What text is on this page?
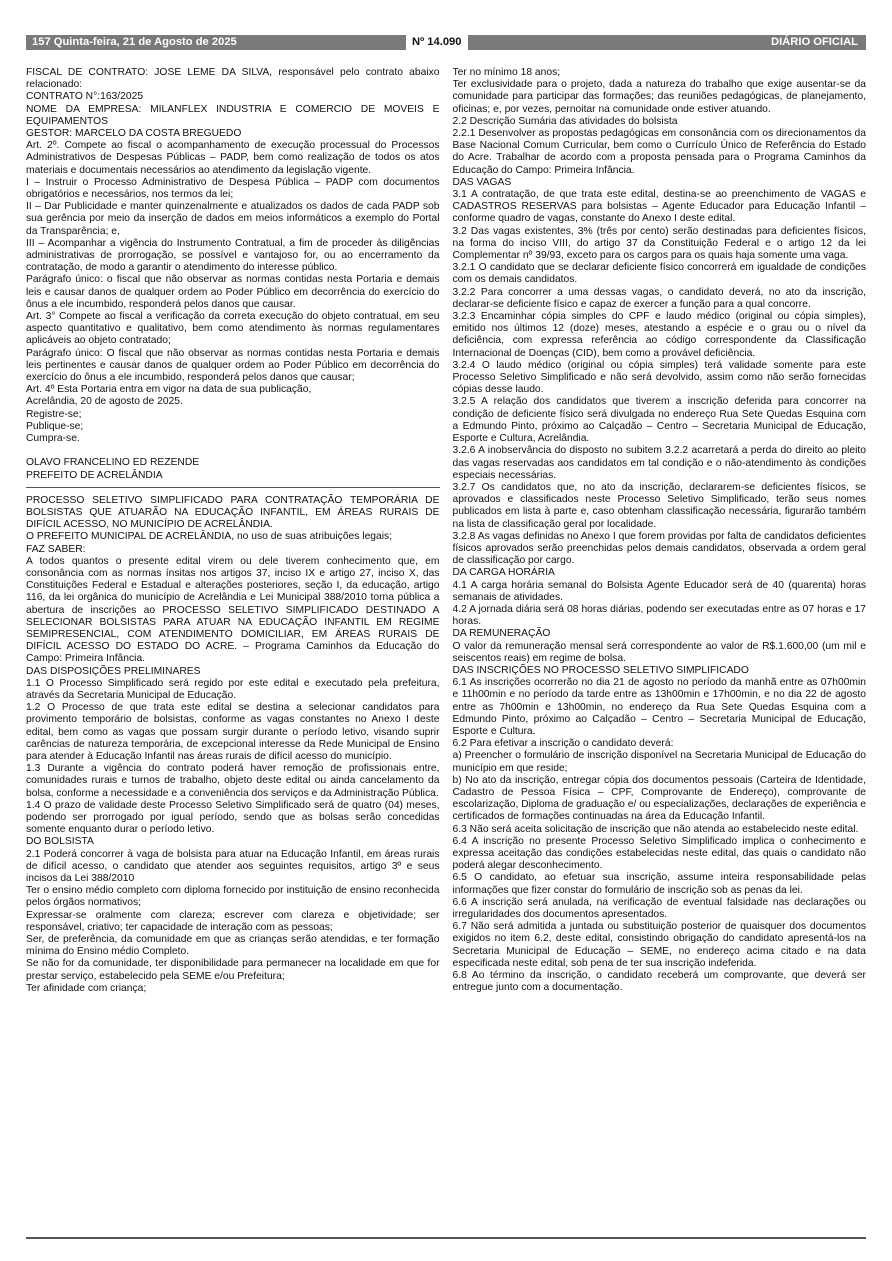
157 Quinta-feira, 21 de Agosto de 2025	Nº 14.090	DIÁRIO OFICIAL

FISCAL DE CONTRATO: JOSÉ LEME DA SILVA, responsável pelo contrato abaixo relacionado:

CONTRATO N°:163/2025

NOME DA EMPRESA: MILANFLEX INDUSTRIA E COMERCIO DE MOVEIS E EQUIPAMENTOS

GESTOR: MARCELO DA COSTA BREGUEDO

Art. 2º. Compete ao fiscal o acompanhamento de execução processual do Processos Administrativos de Despesas Públicas – PADP, bem como realização de todos os atos materiais e documentais necessários ao atendimento da legislação vigente.

I – Instruir o Processo Administrativo de Despesa Pública – PADP com documentos obrigatórios e necessários, nos termos da lei;

II – Dar Publicidade e manter quinzenalmente e atualizados os dados de cada PADP sob sua gerência por meio da inserção de dados em meios informáticos a exemplo do Portal da Transparência; e,

III – Acompanhar a vigência do Instrumento Contratual, a fim de proceder às diligências administrativas de prorrogação, se possível e vantajoso for, ou ao encerramento da contratação, de modo a garantir o atendimento do interesse público.

Parágrafo único: o fiscal que não observar as normas contidas nesta Portaria e demais leis e causar danos de qualquer ordem ao Poder Público em decorrência do exercício do ônus a ele incumbido, responderá pelos danos que causar.

Art. 3° Compete ao fiscal a verificação da correta execução do objeto contratual, em seu aspecto quantitativo e qualitativo, bem como atendimento às normas regulamentares aplicáveis ao objeto contratado;

Parágrafo único: O fiscal que não observar as normas contidas nesta Portaria e demais leis pertinentes e causar danos de qualquer ordem ao Poder Público em decorrência do exercício do ônus a ele incumbido, responderá pelos danos que causar;

Art. 4º Esta Portaria entra em vigor na data de sua publicação,

Acrelândia, 20 de agosto de 2025.

Registre-se;

Publique-se;

Cumpra-se.

OLAVO FRANCELINO ED REZENDE

PREFEITO DE ACRELÂNDIA

PROCESSO SELETIVO SIMPLIFICADO PARA CONTRATAÇÃO TEMPORÁRIA DE BOLSISTAS QUE ATUARÃO NA EDUCAÇÃO INFANTIL, EM ÁREAS RURAIS DE DIFÍCIL ACESSO, NO MUNICÍPIO DE ACRELÂNDIA.

O PREFEITO MUNICIPAL DE ACRELÂNDIA, no uso de suas atribuições legais;

FAZ SABER:

A todos quantos o presente edital virem ou dele tiverem conhecimento que, em consonância com as normas ínsitas nos artigos 37, inciso IX e artigo 27, inciso X, das Constituições Federal e Estadual e alterações posteriores, seção I, da educação, artigo 116, da lei orgânica do município de Acrelândia e Lei Municipal 388/2010 torna pública a abertura de inscrições ao PROCESSO SELETIVO SIMPLIFICADO DESTINADO A SELECIONAR BOLSISTAS PARA ATUAR NA EDUCAÇÃO INFANTIL EM REGIME SEMIPRESENCIAL, COM ATENDIMENTO DOMICILIAR, EM ÁREAS RURAIS DE DIFÍCIL ACESSO DO ESTADO DO ACRE. – Programa Caminhos da Educação do Campo: Primeira Infância.

DAS DISPOSIÇÕES PRELIMINARES

1.1 O Processo Simplificado será regido por este edital e executado pela prefeitura, através da Secretaria Municipal de Educação.

1.2 O Processo de que trata este edital se destina a selecionar candidatos para provimento temporário de bolsistas, conforme as vagas constantes no Anexo I deste edital, bem como as vagas que possam surgir durante o período letivo, visando suprir carências de natureza temporária, de excepcional interesse da Rede Municipal de Ensino para atender à Educação Infantil nas áreas rurais de difícil acesso do município.

1.3 Durante a vigência do contrato poderá haver remoção de profissionais entre, comunidades rurais e turnos de trabalho, objeto deste edital ou ainda cancelamento da bolsa, conforme a necessidade e a conveniência dos serviços e da Administração Pública.

1.4 O prazo de validade deste Processo Seletivo Simplificado será de quatro (04) meses, podendo ser prorrogado por igual período, sendo que as bolsas serão concedidas somente enquanto durar o período letivo.

DO BOLSISTA

2.1 Poderá concorrer à vaga de bolsista para atuar na Educação Infantil, em áreas rurais de difícil acesso, o candidato que atender aos seguintes requisitos, artigo 3º e seus incisos da Lei 388/2010

Ter o ensino médio completo com diploma fornecido por instituição de ensino reconhecida pelos órgãos normativos;

Expressar-se oralmente com clareza; escrever com clareza e objetividade; ser responsável, criativo; ter capacidade de interação com as pessoas;

Ser, de preferência, da comunidade em que as crianças serão atendidas, e ter formação mínima do Ensino médio Completo.

Se não for da comunidade, ter disponibilidade para permanecer na localidade em que for prestar serviço, estabelecido pela SEME e/ou Prefeitura;

Ter afinidade com criança;

Ter no mínimo 18 anos;

Ter exclusividade para o projeto, dada a natureza do trabalho que exige ausentar-se da comunidade para participar das formações; das reuniões pedagógicas, de planejamento, oficinas; e, por vezes, pernoitar na comunidade onde estiver atuando.

2.2 Descrição Sumária das atividades do bolsista

2.2.1 Desenvolver as propostas pedagógicas em consonância com os direcionamentos da Base Nacional Comum Curricular, bem como o Currículo Único de Referência do Estado do Acre. Trabalhar de acordo com a proposta pensada para o Programa Caminhos da Educação do Campo: Primeira Infância.

DAS VAGAS

3.1 A contratação, de que trata este edital, destina-se ao preenchimento de VAGAS e CADASTROS RESERVAS para bolsistas – Agente Educador para Educação Infantil – conforme quadro de vagas, constante do Anexo I deste edital.

3.2 Das vagas existentes, 3% (três por cento) serão destinadas para deficientes físicos, na forma do inciso VIII, do artigo 37 da Constituição Federal e o artigo 12 da lei Complementar nº 39/93, exceto para os cargos para os quais haja somente uma vaga.

3.2.1 O candidato que se declarar deficiente físico concorrerá em igualdade de condições com os demais candidatos.

3.2.2 Para concorrer a uma dessas vagas, o candidato deverá, no ato da inscrição, declarar-se deficiente físico e capaz de exercer a função para a qual concorre.

3.2.3 Encaminhar cópia simples do CPF e laudo médico (original ou cópia simples), emitido nos últimos 12 (doze) meses, atestando a espécie e o grau ou o nível da deficiência, com expressa referência ao código correspondente da Classificação Internacional de Doenças (CID), bem como a provável deficiência.

3.2.4 O laudo médico (original ou cópia simples) terá validade somente para este Processo Seletivo Simplificado e não será devolvido, assim como não serão fornecidas cópias desse laudo.

3.2.5 A relação dos candidatos que tiverem a inscrição deferida para concorrer na condição de deficiente físico será divulgada no endereço Rua Sete Quedas Esquina com a Edmundo Pinto, próximo ao Calçadão – Centro – Secretaria Municipal de Educação, Esporte e Cultura, Acrelândia.

3.2.6 A inobservância do disposto no subitem 3.2.2 acarretará a perda do direito ao pleito das vagas reservadas aos candidatos em tal condição e o não-atendimento às condições especiais necessárias.

3.2.7 Os candidatos que, no ato da inscrição, declararem-se deficientes físicos, se aprovados e classificados neste Processo Seletivo Simplificado, terão seus nomes publicados em lista à parte e, caso obtenham classificação necessária, figurarão também na lista de classificação geral por localidade.

3.2.8 As vagas definidas no Anexo I que forem providas por falta de candidatos deficientes físicos aprovados serão preenchidas pelos demais candidatos, observada a ordem geral de classificação por cargo.

DA CARGA HORÁRIA

4.1 A carga horária semanal do Bolsista Agente Educador será de 40 (quarenta) horas semanais de atividades.

4.2 A jornada diária será 08 horas diárias, podendo ser executadas entre as 07 horas e 17 horas.

DA REMUNERAÇÃO

O valor da remuneração mensal será correspondente ao valor de R$.1.600,00 (um mil e seiscentos reais) em regime de bolsa.

DAS INSCRIÇÕES NO PROCESSO SELETIVO SIMPLIFICADO

6.1 As inscrições ocorrerão no dia 21 de agosto no período da manhã entre as 07h00min e 11h00min e no período da tarde entre as 13h00min e 17h00min, e no dia 22 de agosto entre as 7h00min e 13h00min, no endereço da Rua Sete Quedas Esquina com a Edmundo Pinto, próximo ao Calçadão – Centro – Secretaria Municipal de Educação, Esporte e Cultura.

6.2 Para efetivar a inscrição o candidato deverá:

a) Preencher o formulário de inscrição disponível na Secretaria Municipal de Educação do município em que reside;

b) No ato da inscrição, entregar cópia dos documentos pessoais (Carteira de Identidade, Cadastro de Pessoa Física – CPF, Comprovante de Endereço), comprovante de escolarização, Diploma de graduação e/ ou especializações, declarações de experiência e certificados de formações continuadas na área da Educação Infantil.

6.3 Não será aceita solicitação de inscrição que não atenda ao estabelecido neste edital.

6.4 A inscrição no presente Processo Seletivo Simplificado implica o conhecimento e expressa aceitação das condições estabelecidas neste edital, das quais o candidato não poderá alegar desconhecimento.

6.5 O candidato, ao efetuar sua inscrição, assume inteira responsabilidade pelas informações que fizer constar do formulário de inscrição sob as penas da lei.

6.6 A inscrição será anulada, na verificação de eventual falsidade nas declarações ou irregularidades dos documentos apresentados.

6.7 Não será admitida a juntada ou substituição posterior de quaisquer dos documentos exigidos no item 6.2, deste edital, consistindo obrigação do candidato apresentá-los na Secretaria Municipal de Educação – SEME, no endereço acima citado e na data especificada neste edital, sob pena de ter sua inscrição indeferida.

6.8 Ao término da inscrição, o candidato receberá um comprovante, que deverá ser entregue junto com a documentação.
